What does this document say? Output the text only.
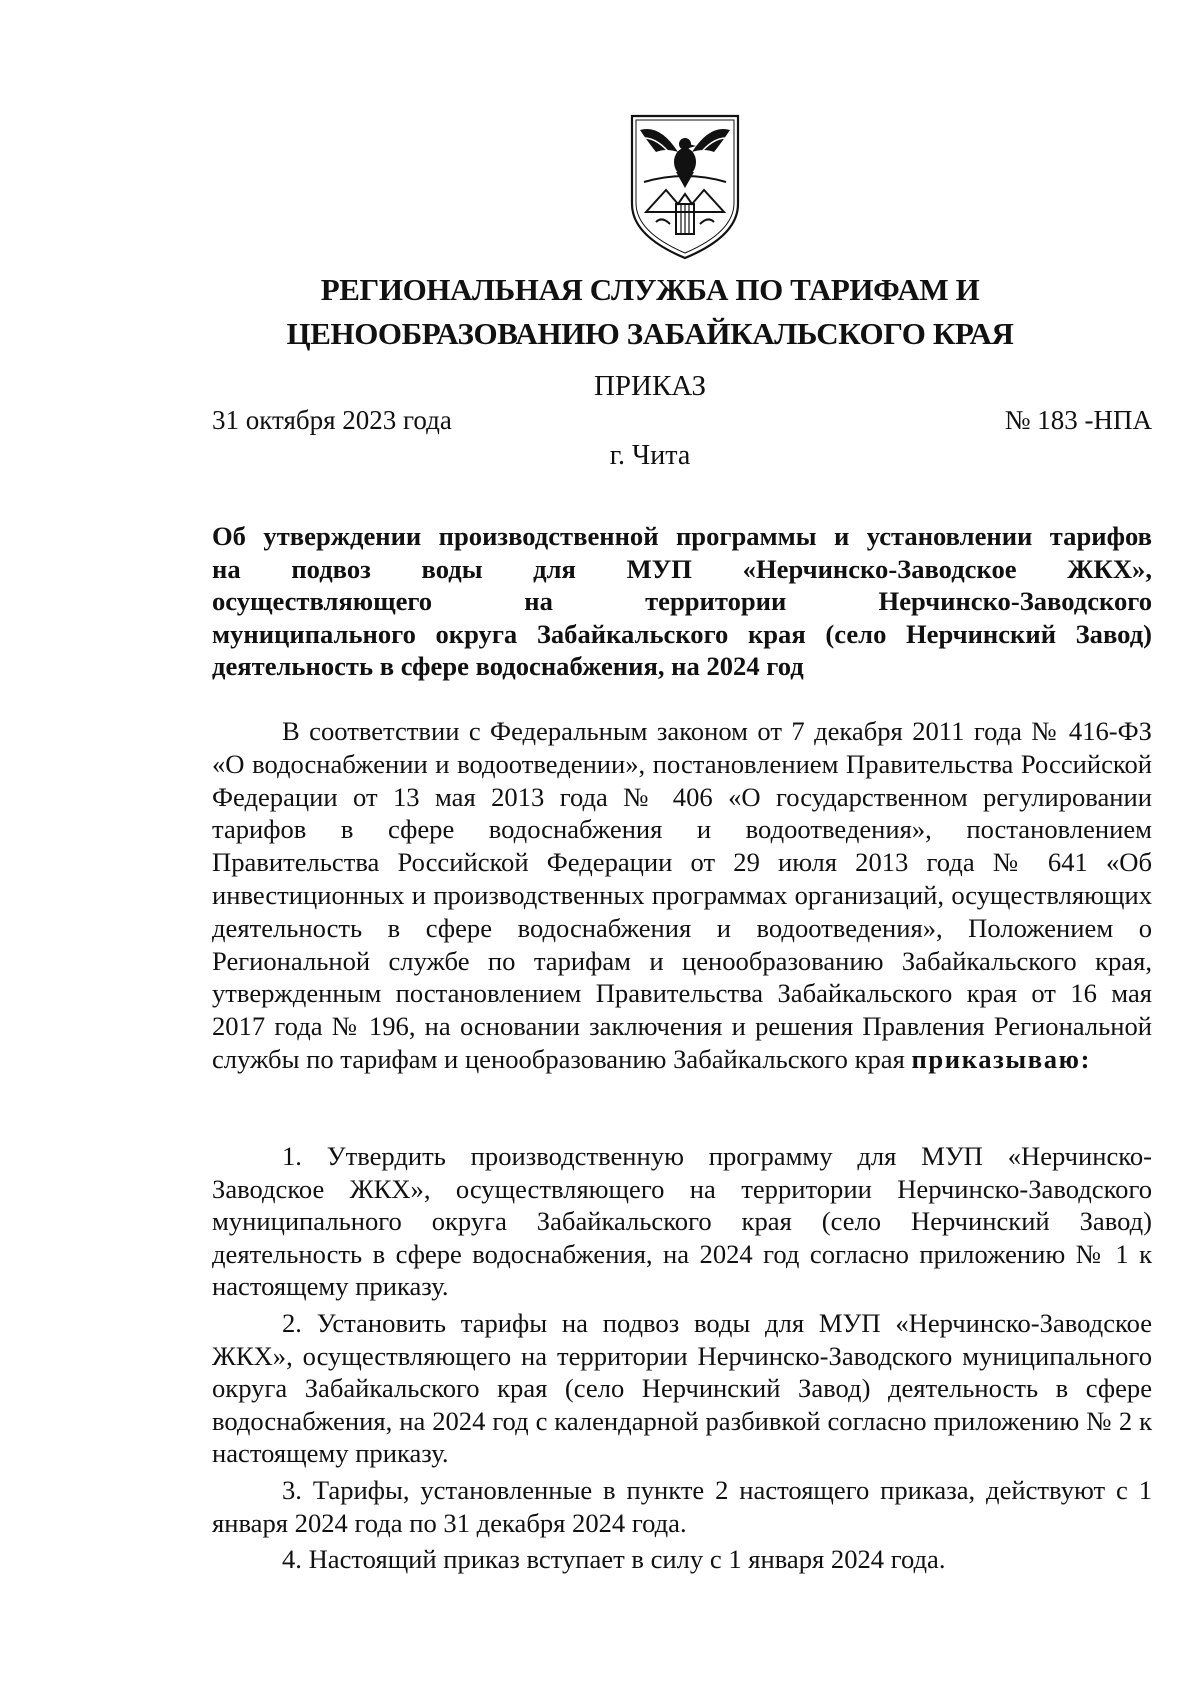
РЕГИОНАЛЬНАЯ СЛУЖБА ПО ТАРИФАМ И
ЦЕНООБРАЗОВАНИЮ ЗАБАЙКАЛЬСКОГО КРАЯ
ПРИКАЗ
31 октября 2023 года	№ 183 -НПА
г. Чита
Об утверждении производственной программы и установлении тарифов
на подвоз воды для МУП «Нерчинско-Заводское ЖКХ»,
осуществляющего на территории Нерчинско-Заводского
муниципального округа Забайкальского края (село Нерчинский Завод)
деятельность в сфере водоснабжения, на 2024 год
В соответствии с Федеральным законом от 7 декабря 2011 года № 416-ФЗ «О водоснабжении и водоотведении», постановлением Правительства Российской Федерации от 13 мая 2013 года № 406 «О государственном регулировании тарифов в сфере водоснабжения и водоотведения», постановлением Правительства Российской Федерации от 29 июля 2013 года № 641 «Об инвестиционных и производственных программах организаций, осуществляющих деятельность в сфере водоснабжения и водоотведения», Положением о Региональной службе по тарифам и ценообразованию Забайкальского края, утвержденным постановлением Правительства Забайкальского края от 16 мая 2017 года № 196, на основании заключения и решения Правления Региональной службы по тарифам и ценообразованию Забайкальского края приказываю:

1. Утвердить производственную программу для МУП «Нерчинско-Заводское ЖКХ», осуществляющего на территории Нерчинско-Заводского муниципального округа Забайкальского края (село Нерчинский Завод) деятельность в сфере водоснабжения, на 2024 год согласно приложению № 1 к настоящему приказу.

2. Установить тарифы на подвоз воды для МУП «Нерчинско-Заводское ЖКХ», осуществляющего на территории Нерчинско-Заводского муниципального округа Забайкальского края (село Нерчинский Завод) деятельность в сфере водоснабжения, на 2024 год с календарной разбивкой согласно приложению № 2 к настоящему приказу.

3. Тарифы, установленные в пункте 2 настоящего приказа, действуют с 1 января 2024 года по 31 декабря 2024 года.

4. Настоящий приказ вступает в силу с 1 января 2024 года.
